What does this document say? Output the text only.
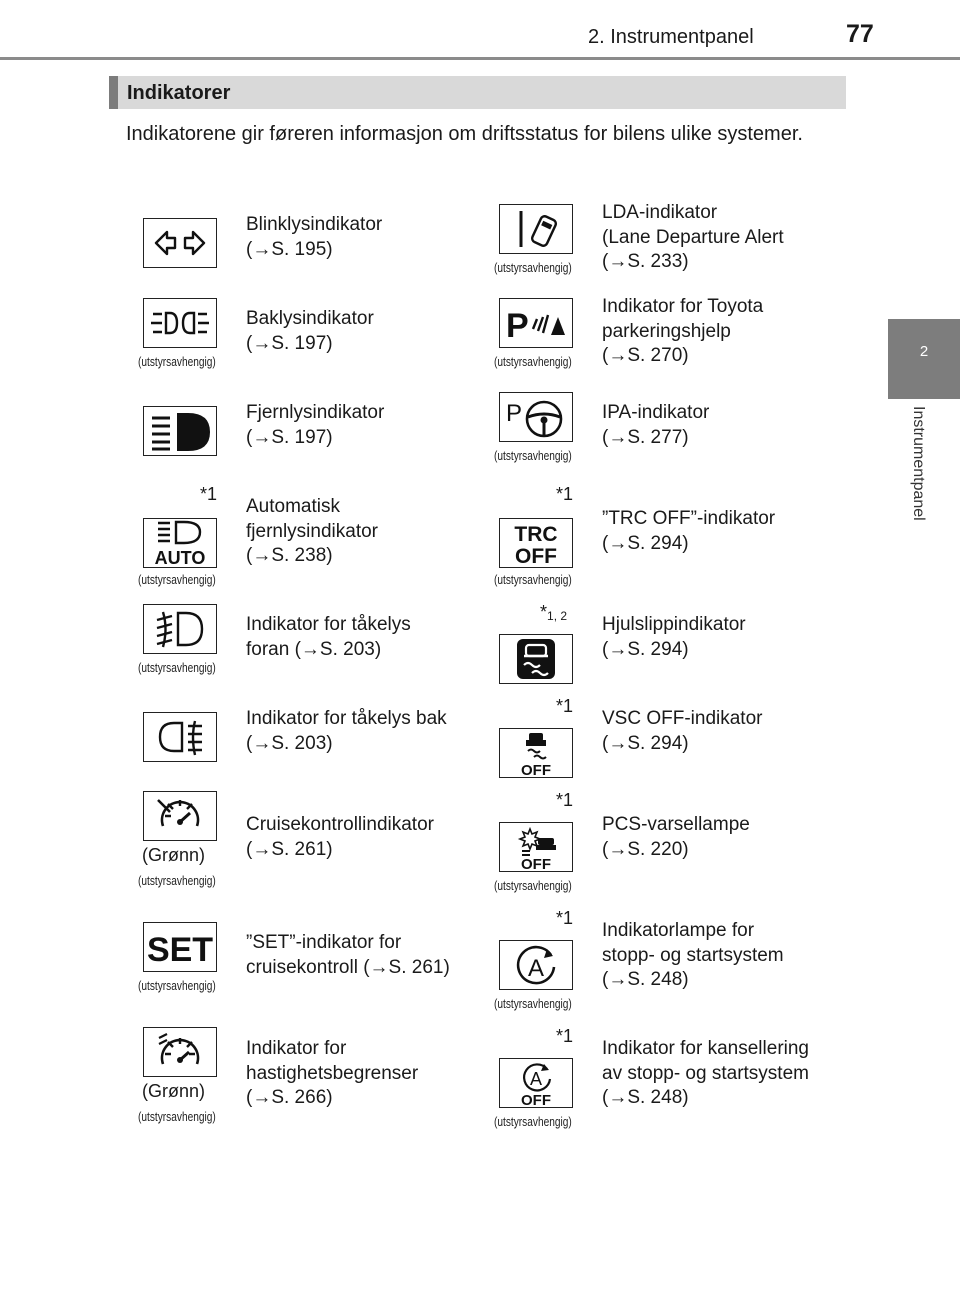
2. Instrumentpanel	77
2
Instrumentpanel
Indikatorer
Indikatorene gir føreren informasjon om driftsstatus for bilens ulike systemer.
Blinklysindikator
(→S. 195)
(utstyrsavhengig)
LDA-indikator
(Lane Departure Alert
(→S. 233)
(utstyrsavhengig)
Baklysindikator
(→S. 197)	P
(utstyrsavhengig)
Indikator for Toyota
parkeringshjelp
(→S. 270)
Fjernlysindikator
(→S. 197)
P
(utstyrsavhengig)
IPA-indikator
(→S. 277)
*1
AUTO
(utstyrsavhengig)
Automatisk
fjernlysindikator
(→S. 238)
*1
TRC
OFF
(utstyrsavhengig)
”TRC OFF”-indikator
(→S. 294)
(utstyrsavhengig)
Indikator for tåkelys
foran (→S. 203)
$*_{1, 2}$ Hjulslippindikator
(→S. 294)
Indikator for tåkelys bak
(→S. 203)
*1
OFF
VSC OFF-indikator
(→S. 294)
(Grønn)
(utstyrsavhengig)
Cruisekontrollindikator
(→S. 261)
*1
OFF
(utstyrsavhengig)
PCS-varsellampe
(→S. 220)
SET
(utstyrsavhengig)
”SET”-indikator for
cruisekontroll (→S. 261)
*1
A
(utstyrsavhengig)
Indikatorlampe for
stopp- og startsystem
(→S. 248)
(Grønn)
(utstyrsavhengig)
Indikator for
hastighetsbegrenser
(→S. 266)
*1
A
OFF
(utstyrsavhengig)
Indikator for kansellering
av stopp- og startsystem
(→S. 248)
